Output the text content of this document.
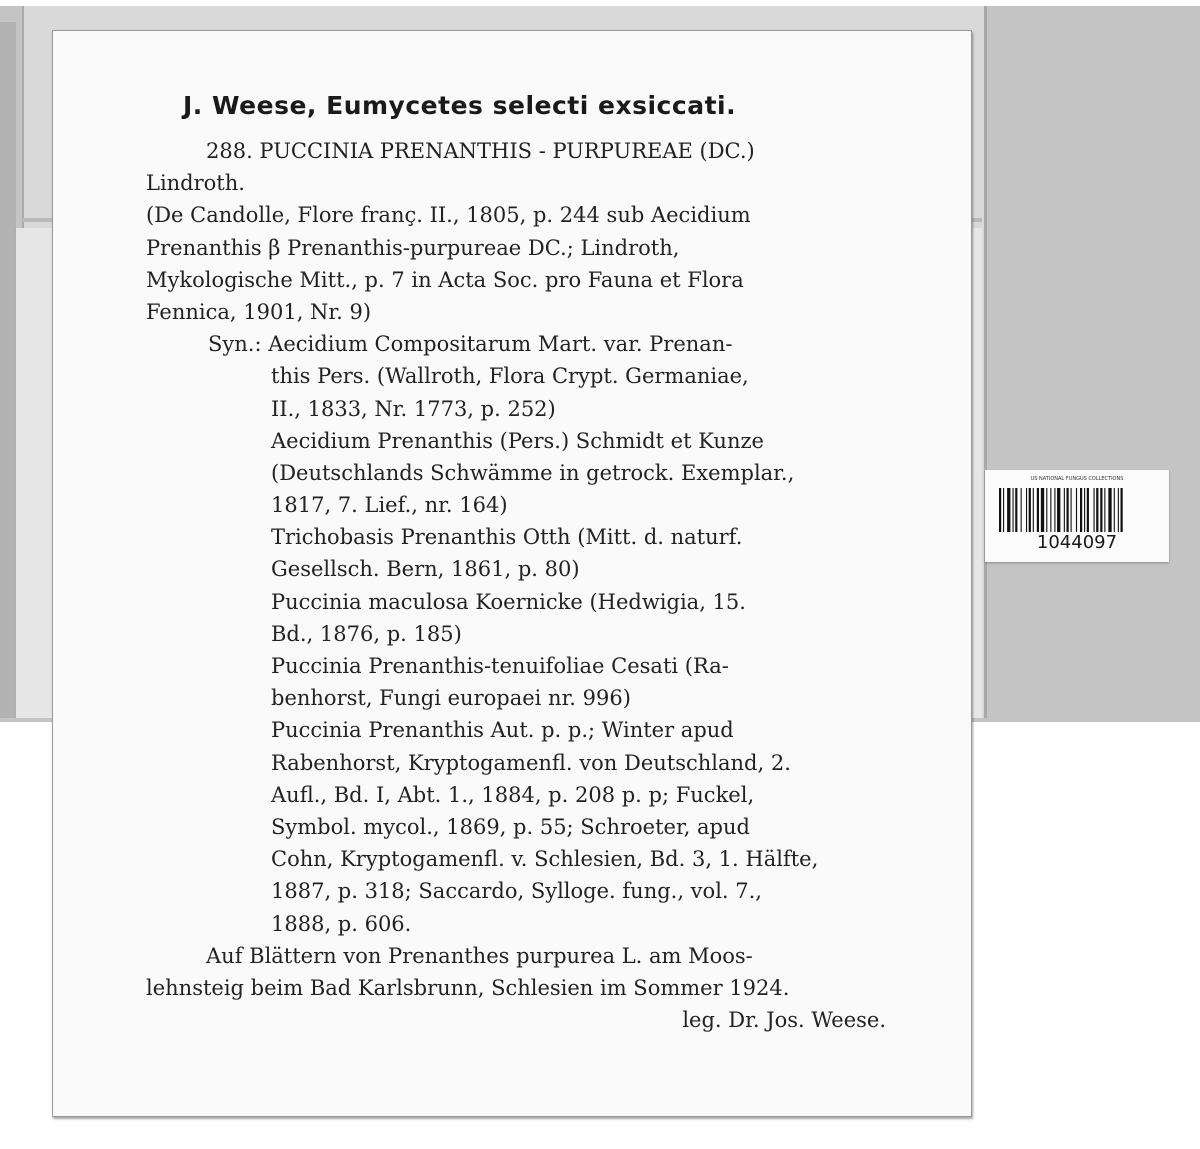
J. Weese, Eumycetes selecti exsiccati.
288. PUCCINIA PRENANTHIS - PURPUREAE (DC.)
Lindroth.
(De Candolle, Flore franç. II., 1805, p. 244 sub Aecidium
Prenanthis β Prenanthis-purpureae DC.; Lindroth,
Mykologische Mitt., p. 7 in Acta Soc. pro Fauna et Flora
Fennica, 1901, Nr. 9)
Syn.: Aecidium Compositarum Mart. var. Prenan-
this Pers. (Wallroth, Flora Crypt. Germaniae,
II., 1833, Nr. 1773, p. 252)
Aecidium Prenanthis (Pers.) Schmidt et Kunze
(Deutschlands Schwämme in getrock. Exemplar.,
1817, 7. Lief., nr. 164)
Trichobasis Prenanthis Otth (Mitt. d. naturf.
Gesellsch. Bern, 1861, p. 80)
Puccinia maculosa Koernicke (Hedwigia, 15.
Bd., 1876, p. 185)
Puccinia Prenanthis-tenuifoliae Cesati (Ra-
benhorst, Fungi europaei nr. 996)
Puccinia Prenanthis Aut. p. p.; Winter apud
Rabenhorst, Kryptogamenfl. von Deutschland, 2.
Aufl., Bd. I, Abt. 1., 1884, p. 208 p. p; Fuckel,
Symbol. mycol., 1869, p. 55; Schroeter, apud
Cohn, Kryptogamenfl. v. Schlesien, Bd. 3, 1. Hälfte,
1887, p. 318; Saccardo, Sylloge. fung., vol. 7.,
1888, p. 606.
Auf Blättern von Prenanthes purpurea L. am Moos-
lehnsteig beim Bad Karlsbrunn, Schlesien im Sommer 1924.
leg. Dr. Jos. Weese.
US NATIONAL FUNGUS COLLECTIONS
1044097
